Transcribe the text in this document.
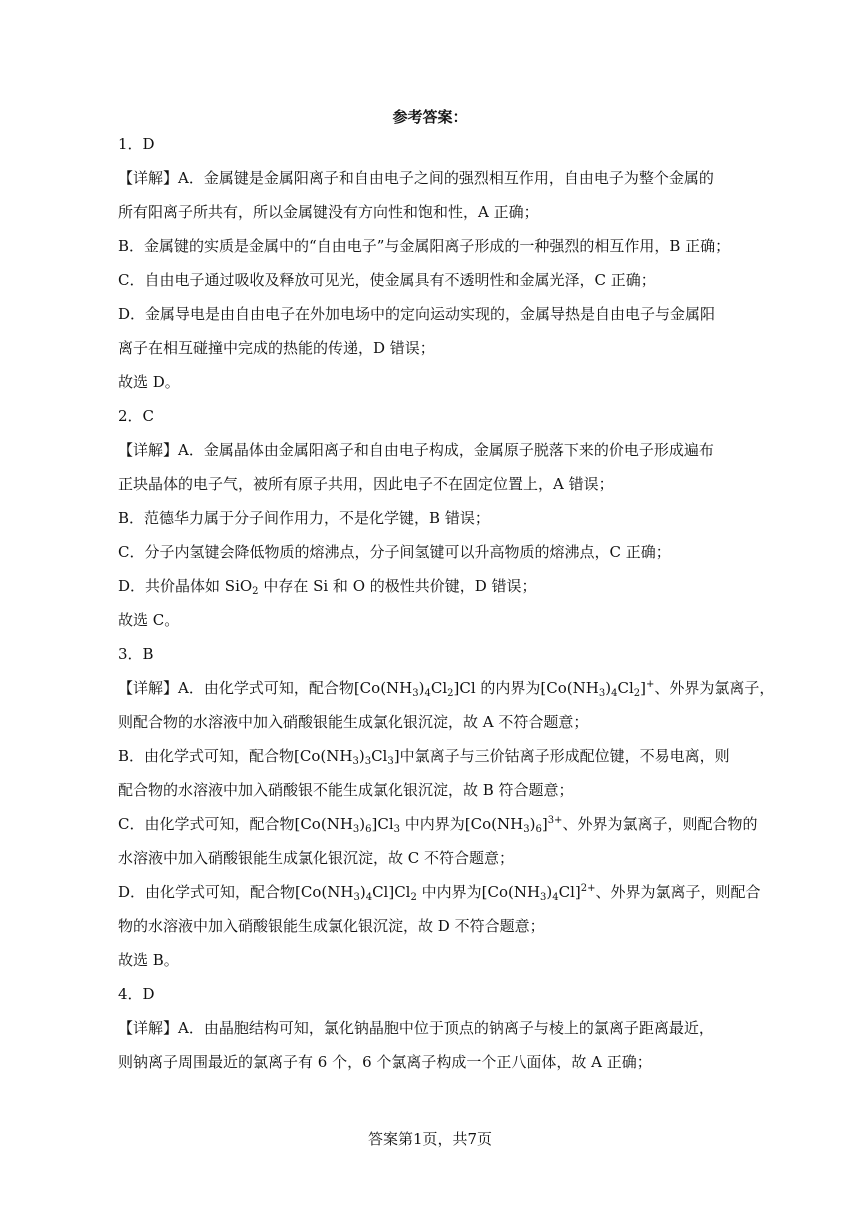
参考答案：
1．D
【详解】A．金属键是金属阳离子和自由电子之间的强烈相互作用，自由电子为整个金属的
所有阳离子所共有，所以金属键没有方向性和饱和性，A 正确；
B．金属键的实质是金属中的“自由电子”与金属阳离子形成的一种强烈的相互作用，B 正确；
C．自由电子通过吸收及释放可见光，使金属具有不透明性和金属光泽，C 正确；
D．金属导电是由自由电子在外加电场中的定向运动实现的，金属导热是自由电子与金属阳
离子在相互碰撞中完成的热能的传递，D 错误；
故选 D。
2．C
【详解】A．金属晶体由金属阳离子和自由电子构成，金属原子脱落下来的价电子形成遍布
正块晶体的电子气，被所有原子共用，因此电子不在固定位置上，A 错误；
B．范德华力属于分子间作用力，不是化学键，B 错误；
C．分子内氢键会降低物质的熔沸点，分子间氢键可以升高物质的熔沸点，C 正确；
D．共价晶体如 SiO$_2$ 中存在 Si 和 O 的极性共价键，D 错误；
故选 C。
3．B
【详解】A．由化学式可知，配合物$[Co(NH_3)_4Cl_2]Cl$ 的内界为$[Co(NH_3)_4Cl_2]^+$、外界为氯离子，
则配合物的水溶液中加入硝酸银能生成氯化银沉淀，故 A 不符合题意；
B．由化学式可知，配合物$[Co(NH_3)_3Cl_3]$中氯离子与三价钴离子形成配位键，不易电离，则
配合物的水溶液中加入硝酸银不能生成氯化银沉淀，故 B 符合题意；
C．由化学式可知，配合物$[Co(NH_3)_6]Cl_3$ 中内界为$[Co(NH_3)_6]^{3+}$、外界为氯离子，则配合物的
水溶液中加入硝酸银能生成氯化银沉淀，故 C 不符合题意；
D．由化学式可知，配合物$[Co(NH_3)_4Cl]Cl_2$ 中内界为$[Co(NH_3)_4Cl]^{2+}$、外界为氯离子，则配合
物的水溶液中加入硝酸银能生成氯化银沉淀，故 D 不符合题意；
故选 B。
4．D
【详解】A．由晶胞结构可知，氯化钠晶胞中位于顶点的钠离子与棱上的氯离子距离最近，
则钠离子周围最近的氯离子有 6 个，6 个氯离子构成一个正八面体，故 A 正确；
答案第1页，共7页
